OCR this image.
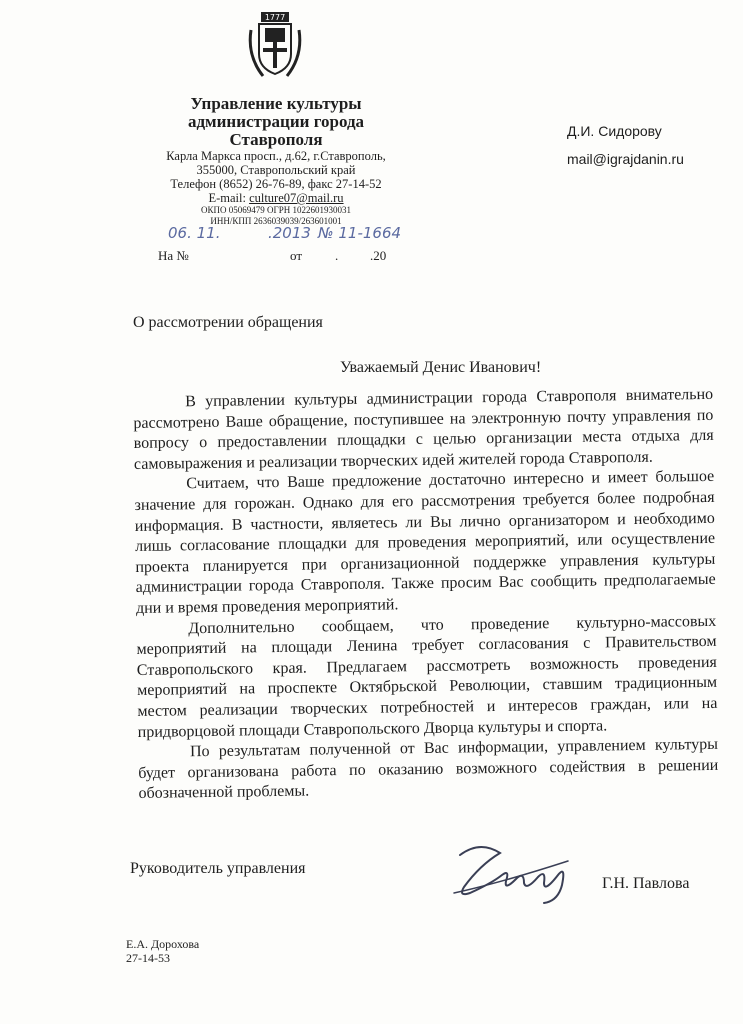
1777
Управление культуры
администрации города
Ставрополя
Карла Маркса просп., д.62, г.Ставрополь,
355000, Ставропольский край
Телефон (8652) 26-76-89, факс 27-14-52
E-mail: culture07@mail.ru
ОКПО 05069479 ОГРН 1022601930031
ИНН/КПП 2636039039/263601001
Д.И. Сидорову
mail@igrajdanin.ru
06. 11.	.2013 № 11-1664
На №	от	. .20
О рассмотрении обращения
Уважаемый Денис Иванович!

В управлении культуры администрации города Ставрополя внимательно рассмотрено Ваше обращение, поступившее на электронную почту управления по вопросу о предоставлении площадки с целью организации места отдыха для самовыражения и реализации творческих идей жителей города Ставрополя.

Считаем, что Ваше предложение достаточно интересно и имеет большое значение для горожан. Однако для его рассмотрения требуется более подробная информация. В частности, являетесь ли Вы лично организатором и необходимо лишь согласование площадки для проведения мероприятий, или осуществление проекта планируется при организационной поддержке управления культуры администрации города Ставрополя. Также просим Вас сообщить предполагаемые дни и время проведения мероприятий.

Дополнительно сообщаем, что проведение культурно-массовых мероприятий на площади Ленина требует согласования с Правительством Ставропольского края. Предлагаем рассмотреть возможность проведения мероприятий на проспекте Октябрьской Революции, ставшим традиционным местом реализации творческих потребностей и интересов граждан, или на придворцовой площади Ставропольского Дворца культуры и спорта.

По результатам полученной от Вас информации, управлением культуры будет организована работа по оказанию возможного содействия в решении обозначенной проблемы.

Руководитель управления
Г.Н. Павлова
Е.А. Дорохова
27-14-53
